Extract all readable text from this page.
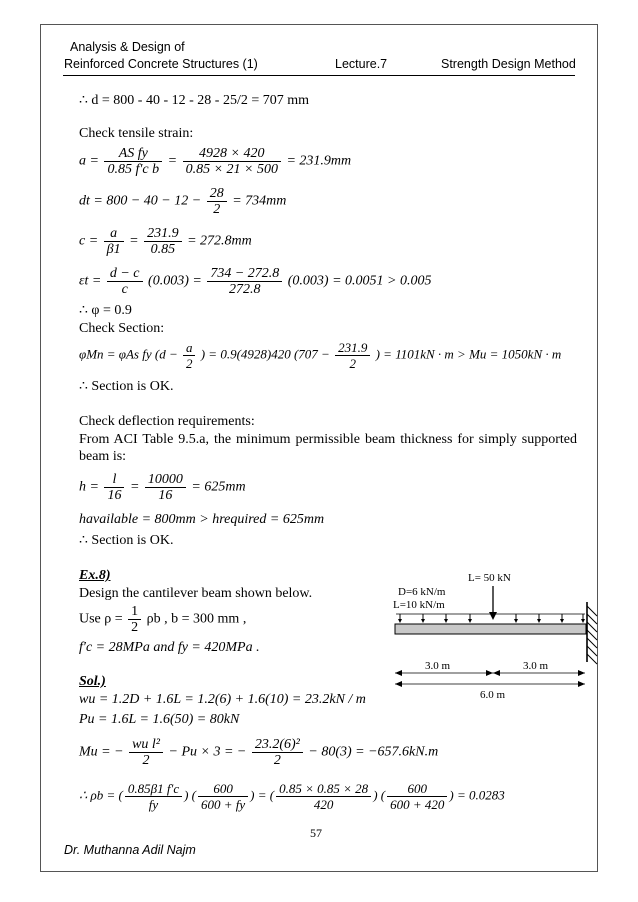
Analysis & Design of
Reinforced Concrete Structures (1)	Lecture.7	Strength Design Method
∴ d = 800 - 40 - 12 - 28 - 25/2 = 707 mm
Check tensile strain:
$a = \frac{\text{AS fy}}{\text{0.85 f′c b}} = \frac{4928 \times 420}{0.85 \times 21 \times 500} = 231.9mm$
dt = $800 - 40 - 12 - \frac{28}{2} = 734mm$
$c = \frac{a}{\beta 1} = \frac{231.9}{0.85} = 272.8mm$
$\varepsilon t = \frac{d - c}{c} (0.003) = \frac{734 - 272.8}{272.8} (0.003) = 0.0051 > 0.005$
∴ φ = 0.9
Check Section:
φMn = φAs fy ($d - \frac{a}{2}$ ) = 0.9(4928)420 ($707 - \frac{231.9}{2}$ ) = 1101kN · m > Mu = 1050kN · m
∴ Section is OK.
Check deflection requirements:
From ACI Table 9.5.a, the minimum permissible beam thickness for simply supported beam is:
$h = \frac{l}{16} = \frac{10000}{16} = 625mm$
havailable = 800mm > hrequired = 625mm
∴ Section is OK.
Ex.8)
Design the cantilever beam shown below.
Use $\rho = \frac{1}{2}$ ρb , b = 300 mm ,
f′c = 28MPa and fy = 420MPa .
Sol.)
wu = 1.2D + 1.6L = 1.2(6) + 1.6(10) = 23.2kN / m
Pu = 1.6L = 1.6(50) = 80kN
Mu = − $\frac{\text{wu l²}}{2} - Pu \times 3$ = − $\frac{\text{23.2(6)²}}{2} - 80(3) = -657.6kN.m$
∴ ρb = ( $\frac{0.85\beta 1 f'c}{fy}$ ) ( $\frac{600}{600 + fy}$ ) = ( $\frac{0.85 \times 0.85 \times 28}{420}$ ) ( $\frac{600}{600 + 420}$ ) = 0.0283
D=6 kN/m
L=10 kN/m
L= 50 kN
3.0 m	3.0 m
6.0 m
57
Dr. Muthanna Adil Najm
